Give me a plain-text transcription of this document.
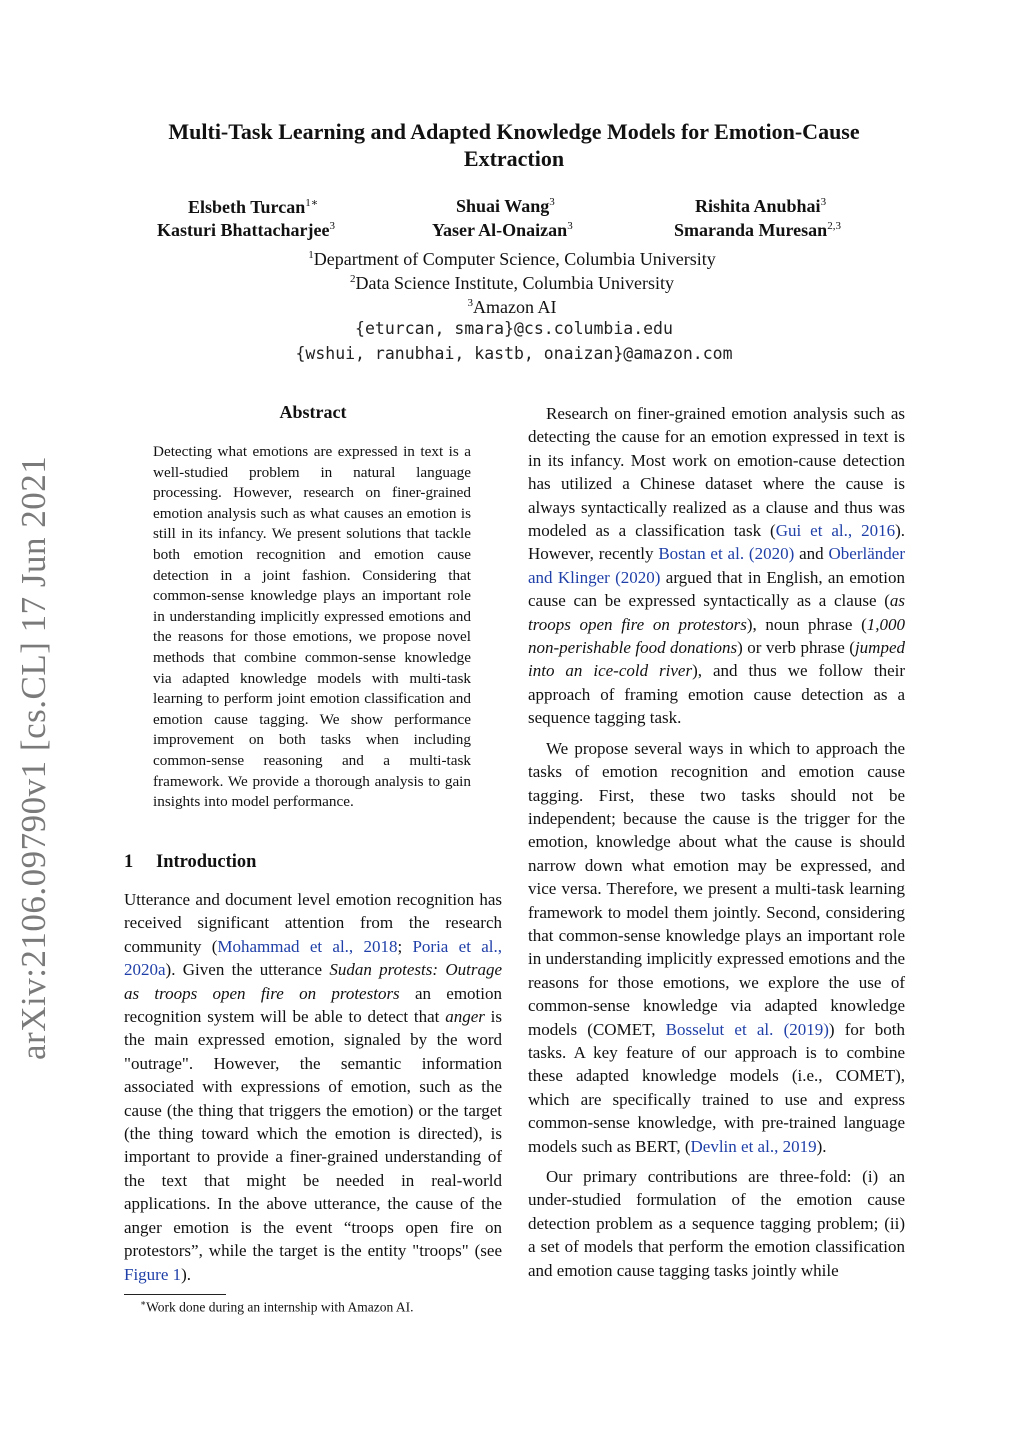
arXiv:2106.09790v1 [cs.CL] 17 Jun 2021
Multi-Task Learning and Adapted Knowledge Models for Emotion-Cause
Extraction
Elsbeth Turcan$^{1∗}$	Shuai Wang$^3$	Rishita Anubhai$^3$
Kasturi Bhattacharjee$^3$	Yaser Al-Onaizan$^3$	Smaranda Muresan$^{2,3}$
$^1$Department of Computer Science, Columbia University
$^2$Data Science Institute, Columbia University
$^3$Amazon AI
{eturcan, smara}@cs.columbia.edu
{wshui, ranubhai, kastb, onaizan}@amazon.com
Abstract
Detecting what emotions are expressed in text is a well-studied problem in natural language processing. However, research on finer-grained emotion analysis such as what causes an emotion is still in its infancy. We present solutions that tackle both emotion recognition and emotion cause detection in a joint fashion. Considering that common-sense knowledge plays an important role in understanding implicitly expressed emotions and the reasons for those emotions, we propose novel methods that combine common-sense knowledge via adapted knowledge models with multi-task learning to perform joint emotion classification and emotion cause tagging. We show performance improvement on both tasks when including common-sense reasoning and a multi-task framework. We provide a thorough analysis to gain insights into model performance.
1 Introduction

Utterance and document level emotion recognition has received significant attention from the research community (Mohammad et al., 2018; Poria et al., 2020a). Given the utterance Sudan protests: Outrage as troops open fire on protestors an emotion recognition system will be able to detect that anger is the main expressed emotion, signaled by the word "outrage". However, the semantic information associated with expressions of emotion, such as the cause (the thing that triggers the emotion) or the target (the thing toward which the emotion is directed), is important to provide a finer-grained understanding of the text that might be needed in real-world applications. In the above utterance, the cause of the anger emotion is the event “troops open fire on protestors”, while the target is the entity "troops" (see Figure 1).

Research on finer-grained emotion analysis such as detecting the cause for an emotion expressed in text is in its infancy. Most work on emotion-cause detection has utilized a Chinese dataset where the cause is always syntactically realized as a clause and thus was modeled as a classification task (Gui et al., 2016). However, recently Bostan et al. (2020) and Oberländer and Klinger (2020) argued that in English, an emotion cause can be expressed syntactically as a clause (as troops open fire on protestors), noun phrase (1,000 non-perishable food donations) or verb phrase (jumped into an ice-cold river), and thus we follow their approach of framing emotion cause detection as a sequence tagging task.

We propose several ways in which to approach the tasks of emotion recognition and emotion cause tagging. First, these two tasks should not be independent; because the cause is the trigger for the emotion, knowledge about what the cause is should narrow down what emotion may be expressed, and vice versa. Therefore, we present a multi-task learning framework to model them jointly. Second, considering that common-sense knowledge plays an important role in understanding implicitly expressed emotions and the reasons for those emotions, we explore the use of common-sense knowledge via adapted knowledge models (COMET, Bosselut et al. (2019)) for both tasks. A key feature of our approach is to combine these adapted knowledge models (i.e., COMET), which are specifically trained to use and express common-sense knowledge, with pre-trained language models such as BERT, (Devlin et al., 2019).

Our primary contributions are three-fold: (i) an under-studied formulation of the emotion cause detection problem as a sequence tagging problem; (ii) a set of models that perform the emotion classification and emotion cause tagging tasks jointly while

∗Work done during an internship with Amazon AI.
